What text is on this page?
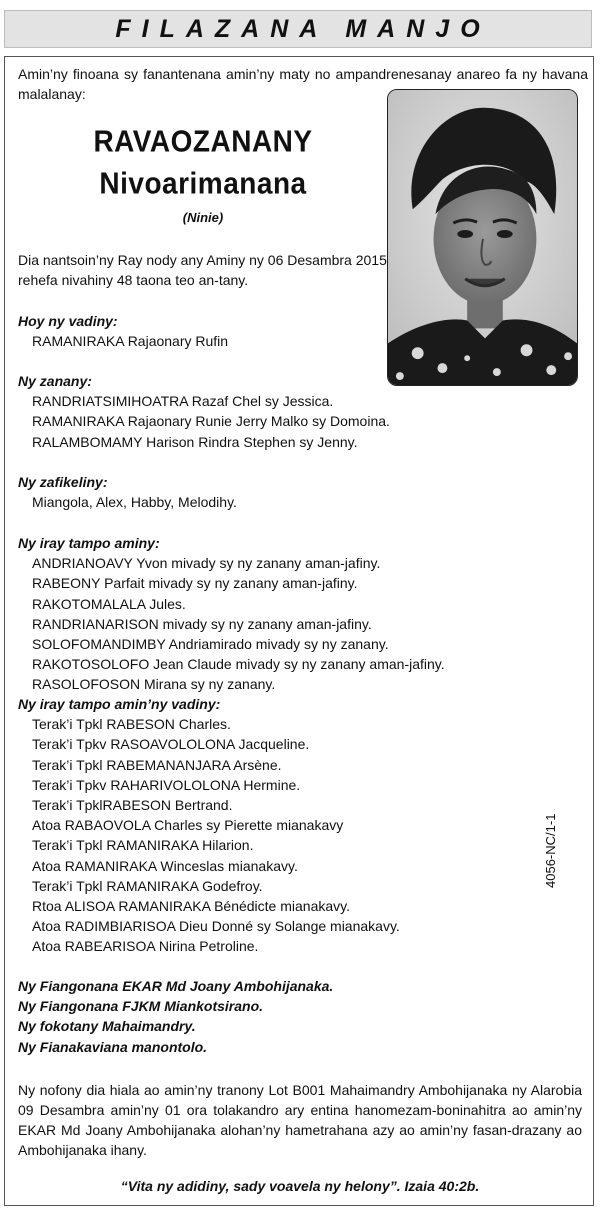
FILAZANA MANJO
Amin’ny finoana sy fanantenana amin’ny maty no ampandrenesanay anareo fa ny havana malalanay:
RAVAOZANANY
Nivoarimanana
(Ninie)
Dia nantsoin’ny Ray nody any Aminy ny 06 Desambra 2015
rehefa nivahiny 48 taona teo an-tany.
Hoy ny vadiny:
RAMANIRAKA Rajaonary Rufin
Ny zanany:
RANDRIATSIMIHOATRA Razaf Chel sy Jessica.
RAMANIRAKA Rajaonary Runie Jerry Malko sy Domoina.
RALAMBOMAMY Harison Rindra Stephen sy Jenny.
Ny zafikeliny:
Miangola, Alex, Habby, Melodihy.
Ny iray tampo aminy:
ANDRIANOAVY Yvon mivady sy ny zanany aman-jafiny.
RABEONY Parfait mivady sy ny zanany aman-jafiny.
RAKOTOMALALA Jules.
RANDRIANARISON mivady sy ny zanany aman-jafiny.
SOLOFOMANDIMBY Andriamirado mivady sy ny zanany.
RAKOTOSOLOFO Jean Claude mivady sy ny zanany aman-jafiny.
RASOLOFOSON Mirana sy ny zanany.
Ny iray tampo amin’ny vadiny:
Terak’i Tpkl RABESON Charles.
Terak’i Tpkv RASOAVOLOLONA Jacqueline.
Terak’i Tpkl RABEMANANJARA Arsène.
Terak’i Tpkv RAHARIVOLOLONA Hermine.
Terak’i TpklRABESON Bertrand.
Atoa RABAOVOLA Charles sy Pierette mianakavy
Terak’i Tpkl RAMANIRAKA Hilarion.
Atoa RAMANIRAKA Winceslas mianakavy.
Terak’i Tpkl RAMANIRAKA Godefroy.
Rtoa ALISOA RAMANIRAKA Bénédicte mianakavy.
Atoa RADIMBIARISOA Dieu Donné sy Solange mianakavy.
Atoa RABEARISOA Nirina Petroline.
Ny Fiangonana EKAR Md Joany Ambohijanaka.
Ny Fiangonana FJKM Miankotsirano.
Ny fokotany Mahaimandry.
Ny Fianakaviana manontolo.
Ny nofony dia hiala ao amin’ny tranony Lot B001 Mahaimandry Ambohijanaka ny Alarobia 09 Desambra amin’ny 01 ora tolakandro ary entina hanomezam-boninahitra ao amin’ny EKAR Md Joany Ambohijanaka alohan’ny hametrahana azy ao amin’ny fasan-drazany ao Ambohijanaka ihany.
“Vita ny adidiny, sady voavela ny helony”. Izaia 40:2b.
4056-NC/1-1
